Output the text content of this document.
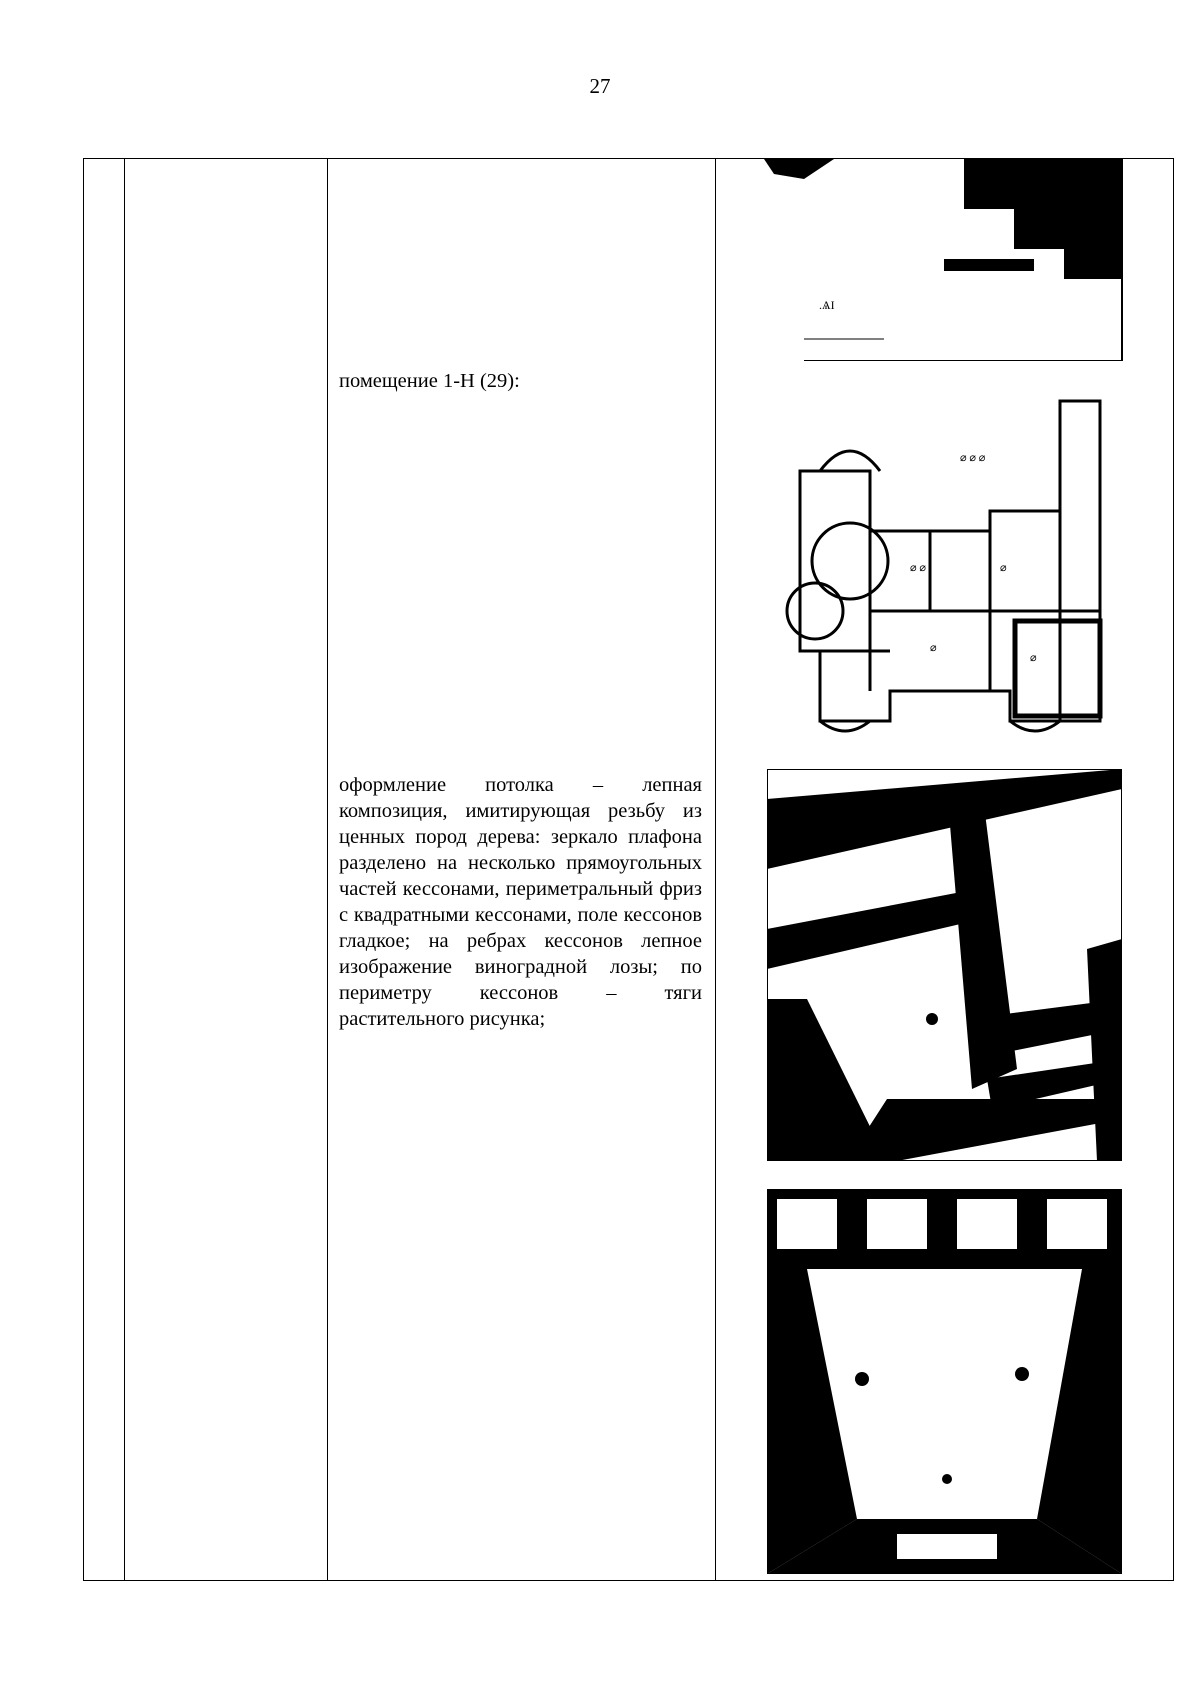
27
помещение 1-Н (29):
оформление потолка – лепная композиция, имитирующая резьбу из ценных пород дерева: зеркало плафона разделено на несколько прямоугольных частей кессонами, периметральный фриз с квадратными кессонами, поле кессонов гладкое; на ребрах кессонов лепное изображение виноградной лозы; по периметру кессонов – тяги растительного рисунка;
.ѦӀ
⌀ ⌀	⌀
⌀
⌀
⌀ ⌀ ⌀
